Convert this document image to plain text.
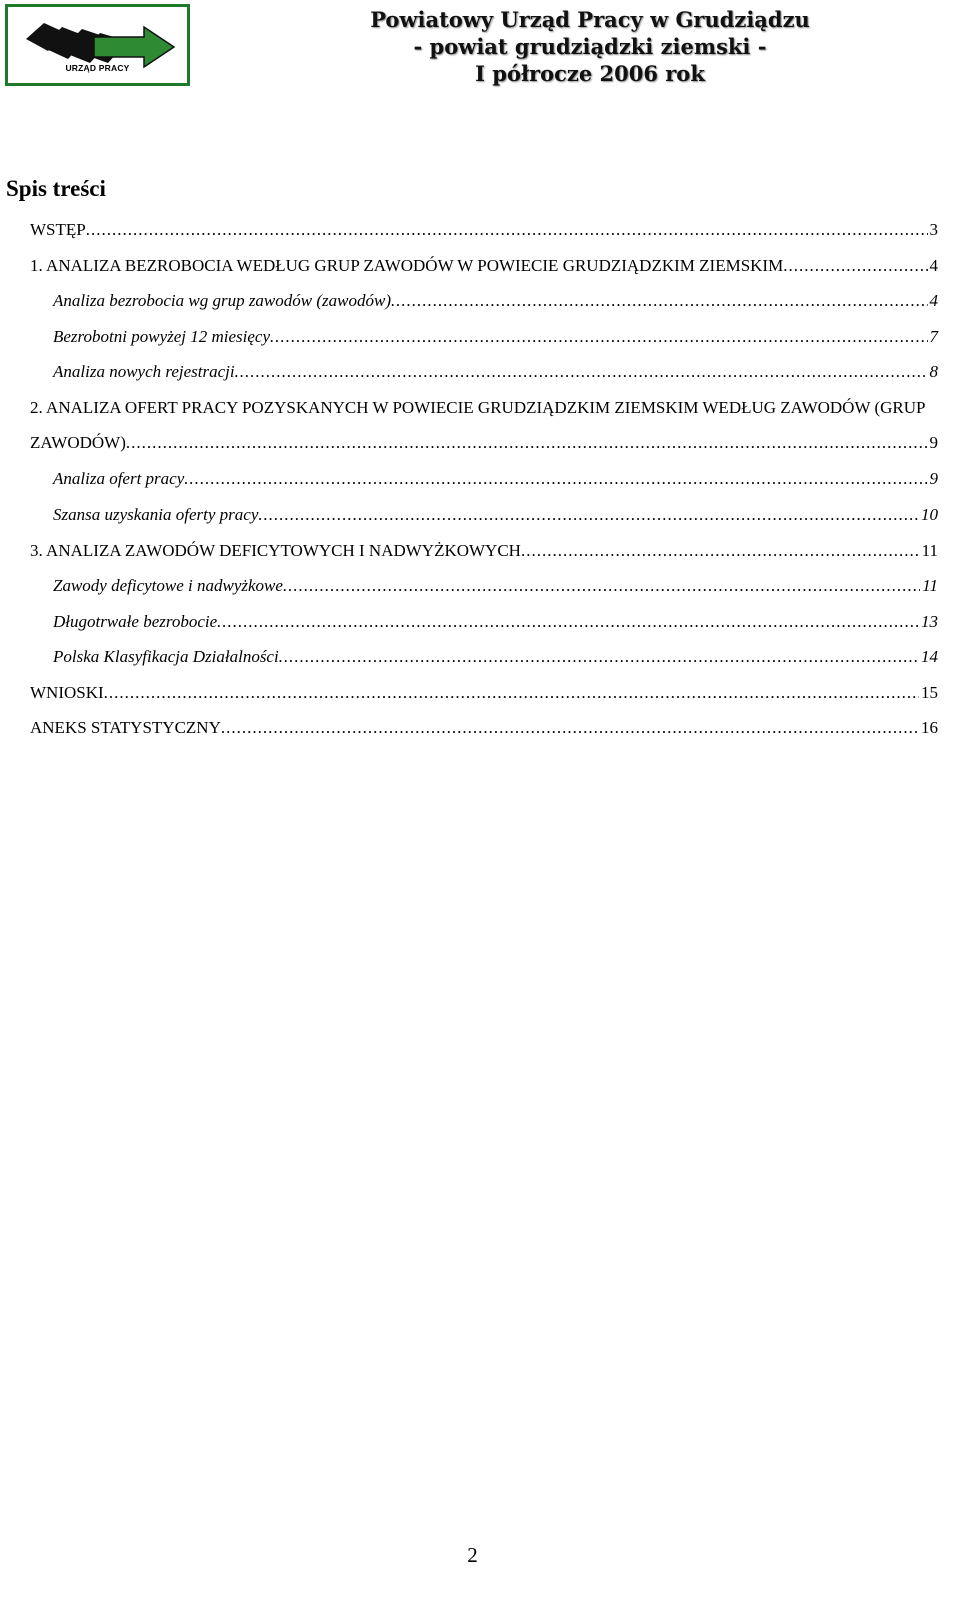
URZĄD PRACY
Powiatowy Urząd Pracy w Grudziądzu
- powiat grudziądzki ziemski -
I półrocze 2006 rok
Spis treści
WSTĘP .....	3
1. ANALIZA BEZROBOCIA WEDŁUG GRUP ZAWODÓW W POWIECIE GRUDZIĄDZKIM ZIEMSKIM .....	4
Analiza bezrobocia wg grup zawodów (zawodów) .....	4
Bezrobotni powyżej 12 miesięcy .....	7
Analiza nowych rejestracji .....	8
2. ANALIZA OFERT PRACY POZYSKANYCH W POWIECIE GRUDZIĄDZKIM ZIEMSKIM WEDŁUG ZAWODÓW (GRUP
ZAWODÓW) .....	9
Analiza ofert pracy .....	9
Szansa uzyskania oferty pracy .....	10
3. ANALIZA ZAWODÓW DEFICYTOWYCH I NADWYŻKOWYCH .....	11
Zawody deficytowe i nadwyżkowe .....	11
Długotrwałe bezrobocie .....	13
Polska Klasyfikacja Działalności .....	14
WNIOSKI .....	15
ANEKS STATYSTYCZNY .....	16
2
